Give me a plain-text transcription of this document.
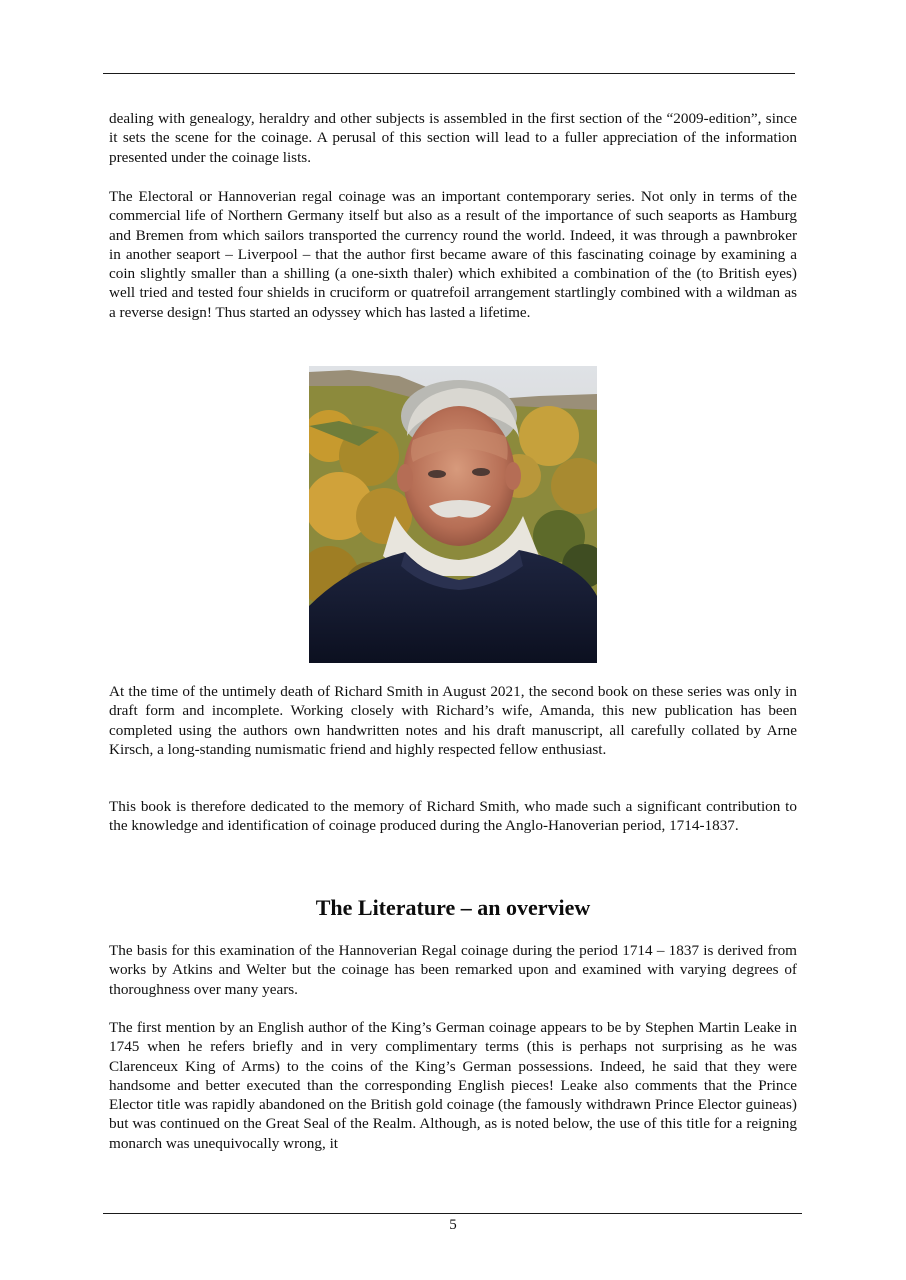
dealing with genealogy, heraldry and other subjects is assembled in the first section of the “2009-edition”, since it sets the scene for the coinage. A perusal of this section will lead to a fuller appreciation of the information presented under the coinage lists.

The Electoral or Hannoverian regal coinage was an important contemporary series. Not only in terms of the commercial life of Northern Germany itself but also as a result of the importance of such seaports as Hamburg and Bremen from which sailors transported the currency round the world. Indeed, it was through a pawnbroker in another seaport – Liverpool – that the author first became aware of this fascinating coinage by examining a coin slightly smaller than a shilling (a one-sixth thaler) which exhibited a combination of the (to British eyes) well tried and tested four shields in cruciform or quatrefoil arrangement startlingly combined with a wildman as a reverse design! Thus started an odyssey which has lasted a lifetime.

At the time of the untimely death of Richard Smith in August 2021, the second book on these series was only in draft form and incomplete. Working closely with Richard’s wife, Amanda, this new publication has been completed using the authors own handwritten notes and his draft manuscript, all carefully collated by Arne Kirsch, a long-standing numismatic friend and highly respected fellow enthusiast.

This book is therefore dedicated to the memory of Richard Smith, who made such a significant contribution to the knowledge and identification of coinage produced during the Anglo-Hanoverian period, 1714-1837.

The Literature – an overview

The basis for this examination of the Hannoverian Regal coinage during the period 1714 – 1837 is derived from works by Atkins and Welter but the coinage has been remarked upon and examined with varying degrees of thoroughness over many years.

The first mention by an English author of the King’s German coinage appears to be by Stephen Martin Leake in 1745 when he refers briefly and in very complimentary terms (this is perhaps not surprising as he was Clarenceux King of Arms) to the coins of the King’s German possessions. Indeed, he said that they were handsome and better executed than the corresponding English pieces! Leake also comments that the Prince Elector title was rapidly abandoned on the British gold coinage (the famously withdrawn Prince Elector guineas) but was continued on the Great Seal of the Realm. Although, as is noted below, the use of this title for a reigning monarch was unequivocally wrong, it

5
